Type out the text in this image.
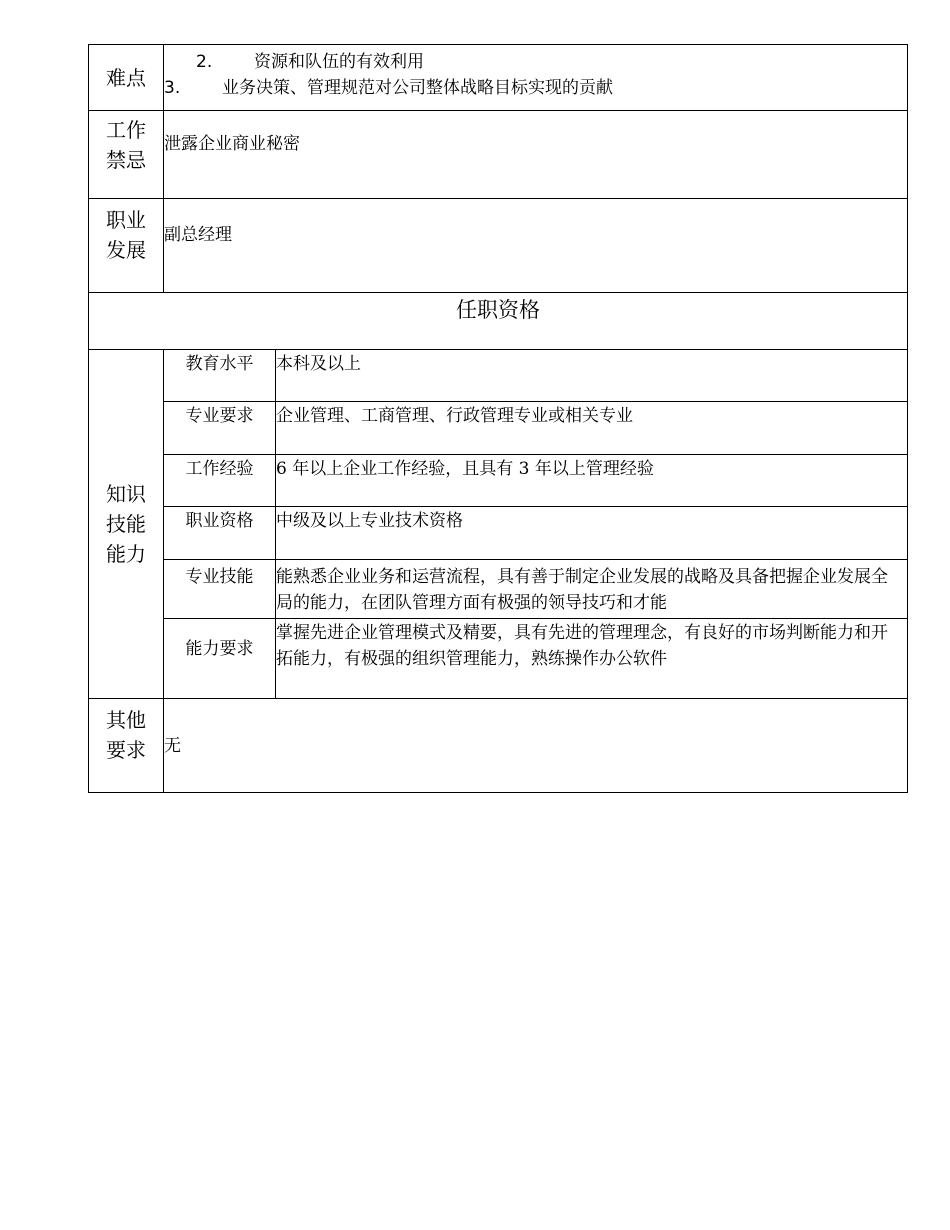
难点	2. 资源和队伍的有效利用
3. 业务决策、管理规范对公司整体战略目标实现的贡献	

工作
禁忌	泄露企业商业秘密	

职业
发展	副总经理	
任职资格		

知识
技能
能力	教育水平	本科及以上
	专业要求	企业管理、工商管理、行政管理专业或相关专业
	工作经验	6 年以上企业工作经验，且具有 3 年以上管理经验
	职业资格	中级及以上专业技术资格
	专业技能	能熟悉企业业务和运营流程，具有善于制定企业发展的战略及具备把握企业发展全局的能力，在团队管理方面有极强的领导技巧和才能
	能力要求	掌握先进企业管理模式及精要，具有先进的管理理念，有良好的市场判断能力和开拓能力，有极强的组织管理能力，熟练操作办公软件

其他
要求	无	
